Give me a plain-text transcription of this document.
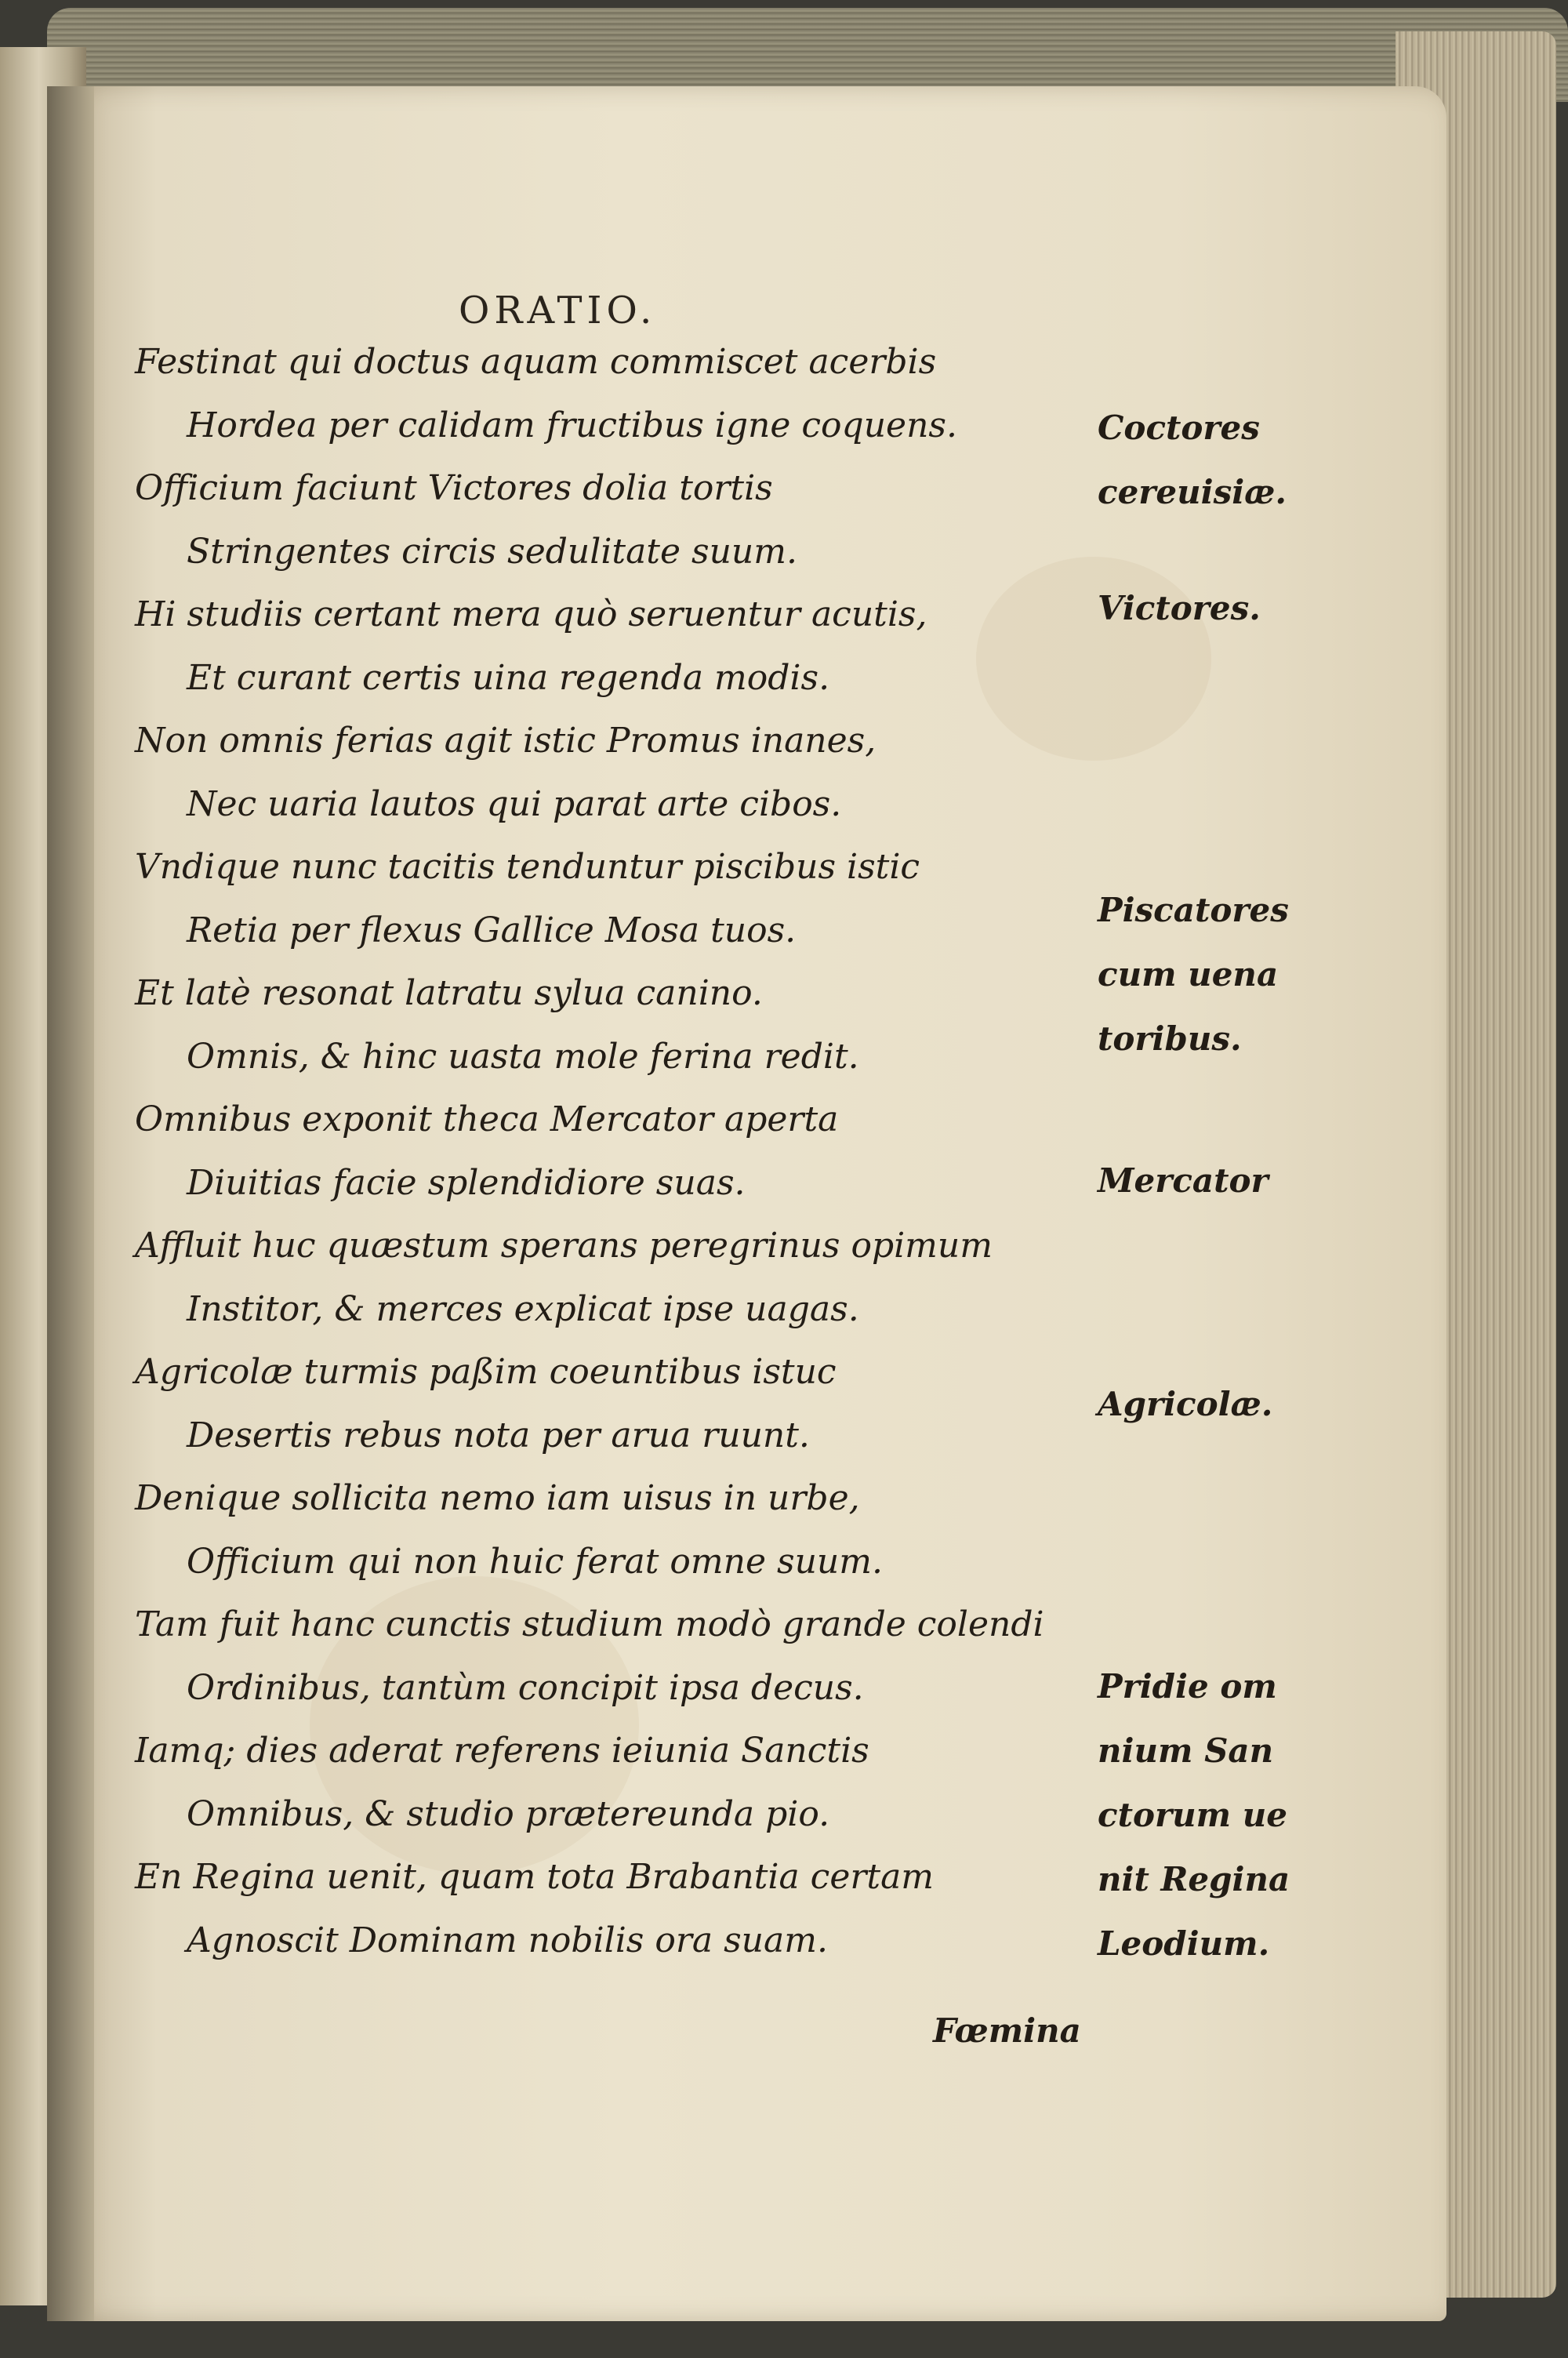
ORATIO.
Festinat qui doctus aquam commiscet acerbis
Hordea per calidam fructibus igne coquens.
Officium faciunt Victores dolia tortis
Stringentes circis sedulitate suum.
Hi studiis certant mera quò seruentur acutis,
Et curant certis uina regenda modis.
Non omnis ferias agit istic Promus inanes,
Nec uaria lautos qui parat arte cibos.
Vndique nunc tacitis tenduntur piscibus istic
Retia per flexus Gallice Mosa tuos.
Et latè resonat latratu sylua canino.
Omnis, & hinc uasta mole ferina redit.
Omnibus exponit theca Mercator aperta
Diuitias facie splendidiore suas.
Affluit huc quæstum sperans peregrinus opimum
Institor, & merces explicat ipse uagas.
Agricolæ turmis paßim coeuntibus istuc
Desertis rebus nota per arua ruunt.
Denique sollicita nemo iam uisus in urbe,
Officium qui non huic ferat omne suum.
Tam fuit hanc cunctis studium modò grande colendi
Ordinibus, tantùm concipit ipsa decus.
Iamq; dies aderat referens ieiunia Sanctis
Omnibus, & studio prætereunda pio.
En Regina uenit, quam tota Brabantia certam
Agnoscit Dominam nobilis ora suam.
Coctores
cereuisiæ.
Victores.
Piscatores
cum uena
toribus.
Mercator
Agricolæ.
Pridie om
nium San
ctorum ue
nit Regina
Leodium.
Fœmina
